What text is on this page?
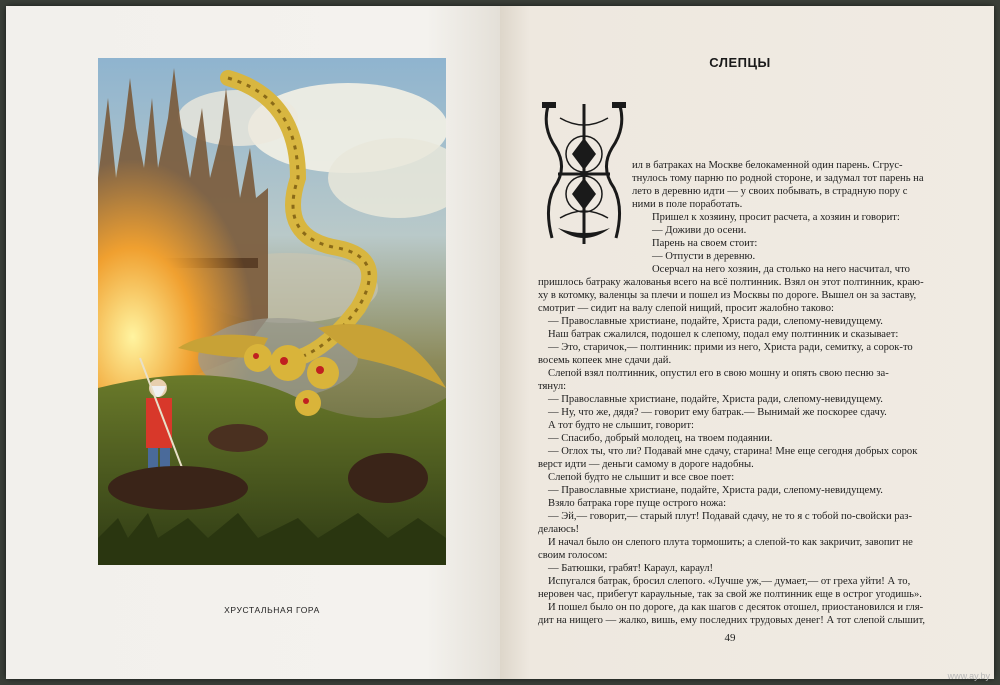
ХРУСТАЛЬНАЯ ГОРА
СЛЕПЦЫ
ил в батраках на Москве белокаменной один парень. Сгрус-
тнулось тому парню по родной стороне, и задумал тот парень на
лето в деревню идти — у своих побывать, в страдную пору с
ними в поле поработать.
Пришел к хозяину, просит расчета, а хозяин и говорит:
— Доживи до осени.
Парень на своем стоит:
— Отпусти в деревню.
Осерчал на него хозяин, да столько на него насчитал, что
пришлось батраку жалованья всего на всё полтинник. Взял он этот полтинник, краю-
ху в котомку, валенцы за плечи и пошел из Москвы по дороге. Вышел он за заставу,
смотрит — сидит на валу слепой нищий, просит жалобно таково:
— Православные христиане, подайте, Христа ради, слепому-невидущему.
Наш батрак сжалился, подошел к слепому, подал ему полтинник и сказывает:
— Это, старичок,— полтинник: прими из него, Христа ради, семитку, а сорок-то
восемь копеек мне сдачи дай.
Слепой взял полтинник, опустил его в свою мошну и опять свою песню за-
тянул:
— Православные христиане, подайте, Христа ради, слепому-невидущему.
— Ну, что же, дядя? — говорит ему батрак.— Вынимай же поскорее сдачу.
А тот будто не слышит, говорит:
— Спасибо, добрый молодец, на твоем подаянии.
— Оглох ты, что ли? Подавай мне сдачу, старина! Мне еще сегодня добрых сорок
верст идти — деньги самому в дороге надобны.
Слепой будто не слышит и все свое поет:
— Православные христиане, подайте, Христа ради, слепому-невидущему.
Взяло батрака горе пуще острого ножа:
— Эй,— говорит,— старый плут! Подавай сдачу, не то я с тобой по-свойски раз-
делаюсь!
И начал было он слепого плута тормошить; а слепой-то как закричит, завопит не
своим голосом:
— Батюшки, грабят! Караул, караул!
Испугался батрак, бросил слепого. «Лучше уж,— думает,— от греха уйти! А то,
неровен час, прибегут караульные, так за свой же полтинник еще в острог угодишь».
И пошел было он по дороге, да как шагов с десяток отошел, приостановился и гля-
дит на нищего — жалко, вишь, ему последних трудовых денег! А тот слепой слышит,
49
www.ay.by
